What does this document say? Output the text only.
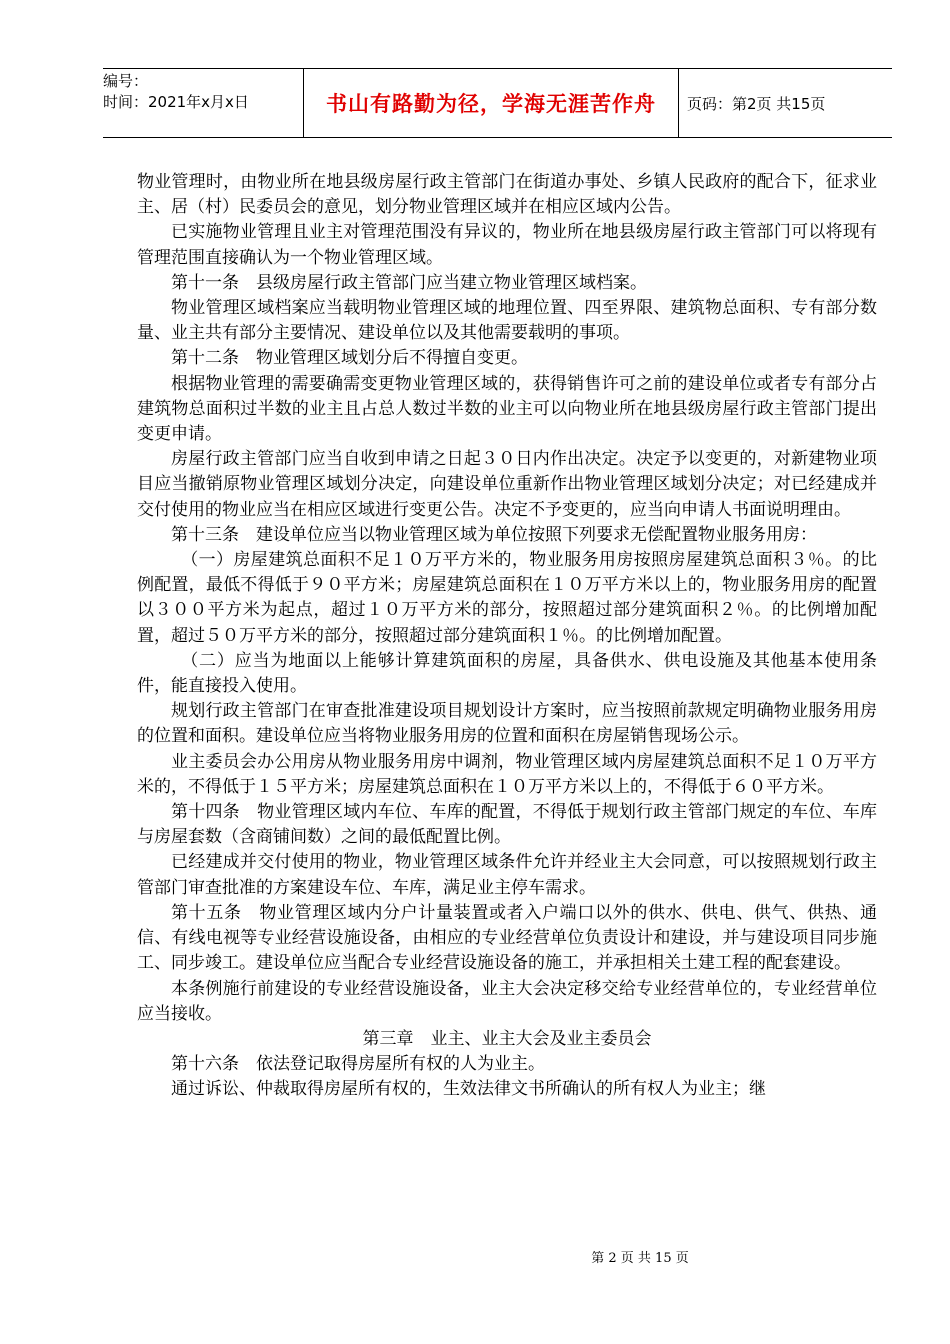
编号：
时间：2021年x月x日	书山有路勤为径，学海无涯苦作舟	页码：第2页 共15页

物业管理时，由物业所在地县级房屋行政主管部门在街道办事处、乡镇人民政府的配合下，征求业主、居（村）民委员会的意见，划分物业管理区域并在相应区域内公告。

已实施物业管理且业主对管理范围没有异议的，物业所在地县级房屋行政主管部门可以将现有管理范围直接确认为一个物业管理区域。

第十一条　县级房屋行政主管部门应当建立物业管理区域档案。

物业管理区域档案应当载明物业管理区域的地理位置、四至界限、建筑物总面积、专有部分数量、业主共有部分主要情况、建设单位以及其他需要载明的事项。

第十二条　物业管理区域划分后不得擅自变更。

根据物业管理的需要确需变更物业管理区域的，获得销售许可之前的建设单位或者专有部分占建筑物总面积过半数的业主且占总人数过半数的业主可以向物业所在地县级房屋行政主管部门提出变更申请。

房屋行政主管部门应当自收到申请之日起３０日内作出决定。决定予以变更的，对新建物业项目应当撤销原物业管理区域划分决定，向建设单位重新作出物业管理区域划分决定；对已经建成并交付使用的物业应当在相应区域进行变更公告。决定不予变更的，应当向申请人书面说明理由。

第十三条　建设单位应当以物业管理区域为单位按照下列要求无偿配置物业服务用房：

（一）房屋建筑总面积不足１０万平方米的，物业服务用房按照房屋建筑总面积３％。的比例配置，最低不得低于９０平方米；房屋建筑总面积在１０万平方米以上的，物业服务用房的配置以３００平方米为起点，超过１０万平方米的部分，按照超过部分建筑面积２％。的比例增加配置，超过５０万平方米的部分，按照超过部分建筑面积１％。的比例增加配置。

（二）应当为地面以上能够计算建筑面积的房屋，具备供水、供电设施及其他基本使用条件，能直接投入使用。

规划行政主管部门在审查批准建设项目规划设计方案时，应当按照前款规定明确物业服务用房的位置和面积。建设单位应当将物业服务用房的位置和面积在房屋销售现场公示。

业主委员会办公用房从物业服务用房中调剂，物业管理区域内房屋建筑总面积不足１０万平方米的，不得低于１５平方米；房屋建筑总面积在１０万平方米以上的，不得低于６０平方米。

第十四条　物业管理区域内车位、车库的配置，不得低于规划行政主管部门规定的车位、车库与房屋套数（含商铺间数）之间的最低配置比例。

已经建成并交付使用的物业，物业管理区域条件允许并经业主大会同意，可以按照规划行政主管部门审查批准的方案建设车位、车库，满足业主停车需求。

第十五条　物业管理区域内分户计量装置或者入户端口以外的供水、供电、供气、供热、通信、有线电视等专业经营设施设备，由相应的专业经营单位负责设计和建设，并与建设项目同步施工、同步竣工。建设单位应当配合专业经营设施设备的施工，并承担相关土建工程的配套建设。

本条例施行前建设的专业经营设施设备，业主大会决定移交给专业经营单位的，专业经营单位应当接收。

第三章　业主、业主大会及业主委员会

第十六条　依法登记取得房屋所有权的人为业主。

通过诉讼、仲裁取得房屋所有权的，生效法律文书所确认的所有权人为业主；继

第 2 页 共 15 页
